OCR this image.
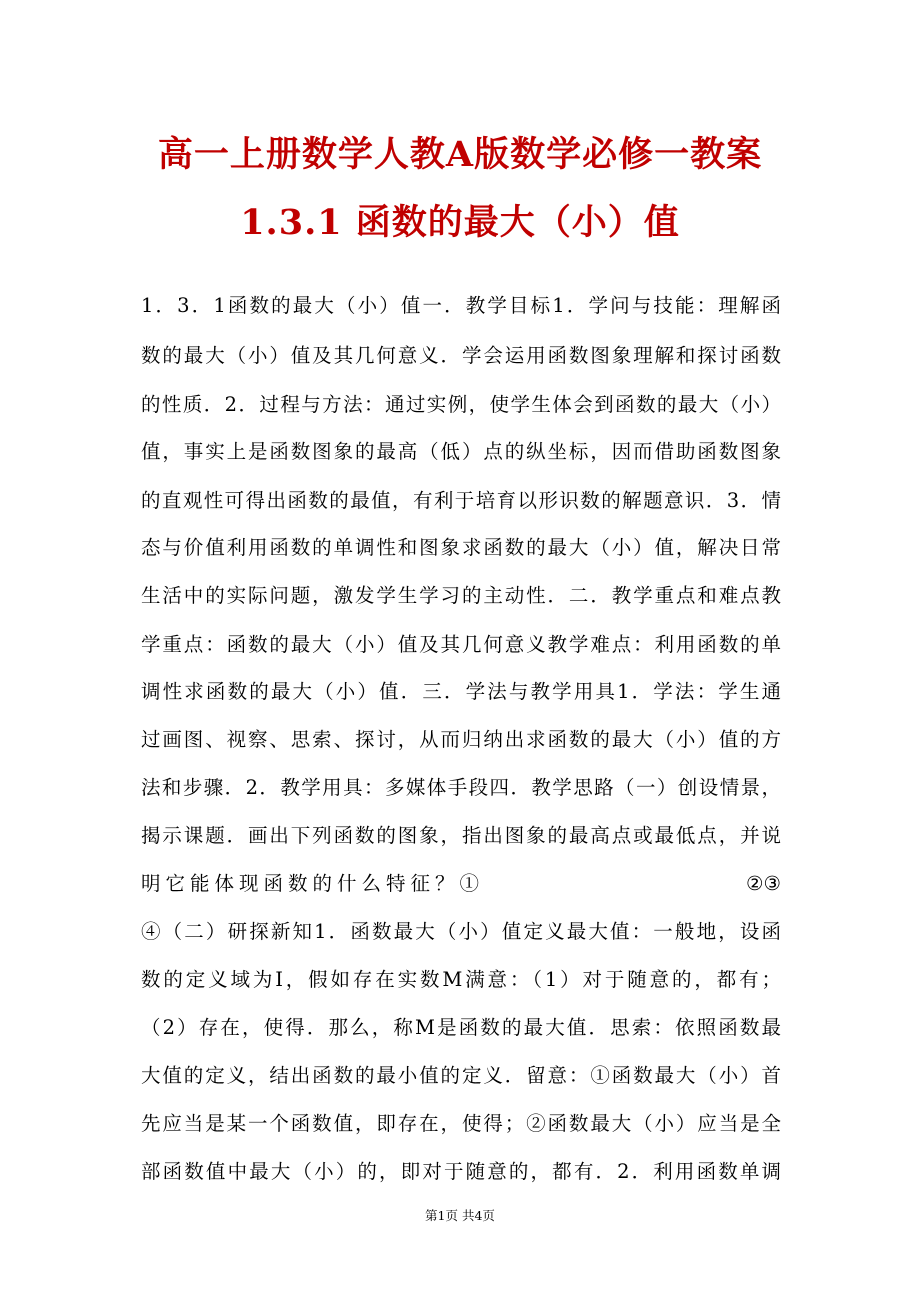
高一上册数学人教A版数学必修一教案
1.3.1 函数的最大（小）值
1．3．1函数的最大（小）值一．教学目标1．学问与技能：理解函
数的最大（小）值及其几何意义．学会运用函数图象理解和探讨函数
的性质．2．过程与方法：通过实例，使学生体会到函数的最大（小）
值，事实上是函数图象的最高（低）点的纵坐标，因而借助函数图象
的直观性可得出函数的最值，有利于培育以形识数的解题意识．3．情
态与价值利用函数的单调性和图象求函数的最大（小）值，解决日常
生活中的实际问题，激发学生学习的主动性．二．教学重点和难点教
学重点：函数的最大（小）值及其几何意义教学难点：利用函数的单
调性求函数的最大（小）值．三．学法与教学用具1．学法：学生通
过画图、视察、思索、探讨，从而归纳出求函数的最大（小）值的方
法和步骤．2．教学用具：多媒体手段四．教学思路（一）创设情景，
揭示课题．画出下列函数的图象，指出图象的最高点或最低点，并说
明它能体现函数的什么特征？①	②③
④（二）研探新知1．函数最大（小）值定义最大值：一般地，设函
数的定义域为I，假如存在实数M满意：（1）对于随意的，都有；
（2）存在，使得．那么，称M是函数的最大值．思索：依照函数最
大值的定义，结出函数的最小值的定义．留意：①函数最大（小）首
先应当是某一个函数值，即存在，使得；②函数最大（小）应当是全
部函数值中最大（小）的，即对于随意的，都有．2．利用函数单调
第1页 共4页
